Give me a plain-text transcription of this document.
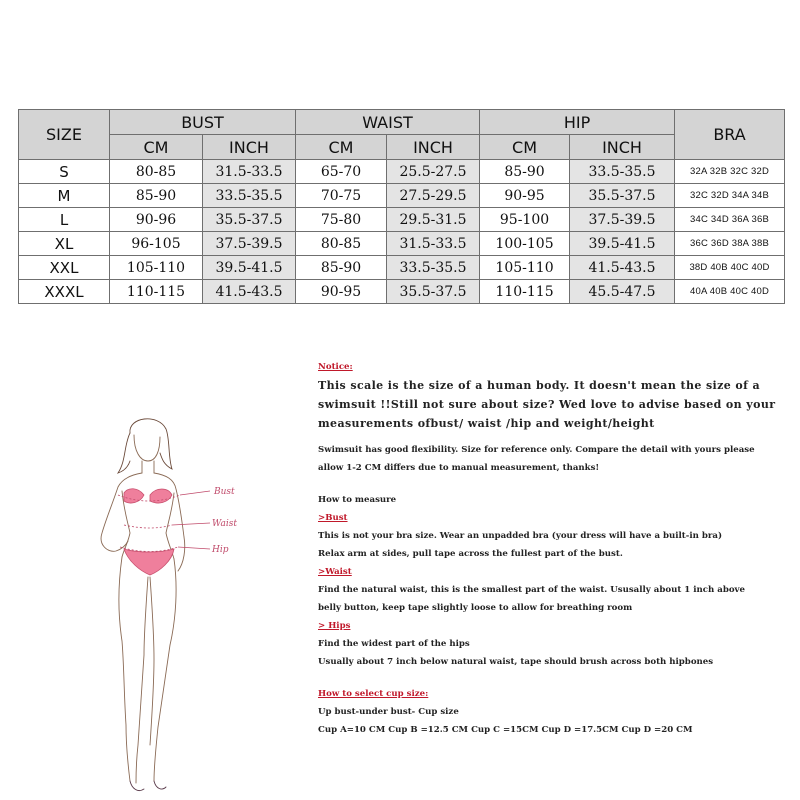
SIZE	BUST		WAIST		HIP		BRA
	CM	INCH	CM	INCH	CM	INCH	
S	80-85	31.5-33.5	65-70	25.5-27.5	85-90	33.5-35.5	32A 32B 32C 32D
M	85-90	33.5-35.5	70-75	27.5-29.5	90-95	35.5-37.5	32C 32D 34A 34B
L	90-96	35.5-37.5	75-80	29.5-31.5	95-100	37.5-39.5	34C 34D 36A 36B
XL	96-105	37.5-39.5	80-85	31.5-33.5	100-105	39.5-41.5	36C 36D 38A 38B
XXL	105-110	39.5-41.5	85-90	33.5-35.5	105-110	41.5-43.5	38D 40B 40C 40D
XXXL	110-115	41.5-43.5	90-95	35.5-37.5	110-115	45.5-47.5	40A 40B 40C 40D
Bust
Waist
Hip

Notice:

This scale is the size of a human body. It doesn't mean the size of a

swimsuit !!Still not sure about size? Wed love to advise based on your

measurements ofbust/ waist /hip and weight/height

Swimsuit has good flexibility. Size for reference only. Compare the detail with yours please

allow 1-2 CM differs due to manual measurement, thanks!

How to measure

>Bust

This is not your bra size. Wear an unpadded bra (your dress will have a built-in bra)

Relax arm at sides, pull tape across the fullest part of the bust.

>Waist

Find the natural waist, this is the smallest part of the waist. Ususally about 1 inch above

belly button, keep tape slightly loose to allow for breathing room

> Hips

Find the widest part of the hips

Usually about 7 inch below natural waist, tape should brush across both hipbones

How to select cup size:

Up bust-under bust- Cup size

Cup A=10 CM Cup B =12.5 CM Cup C =15CM Cup D =17.5CM Cup D =20 CM
